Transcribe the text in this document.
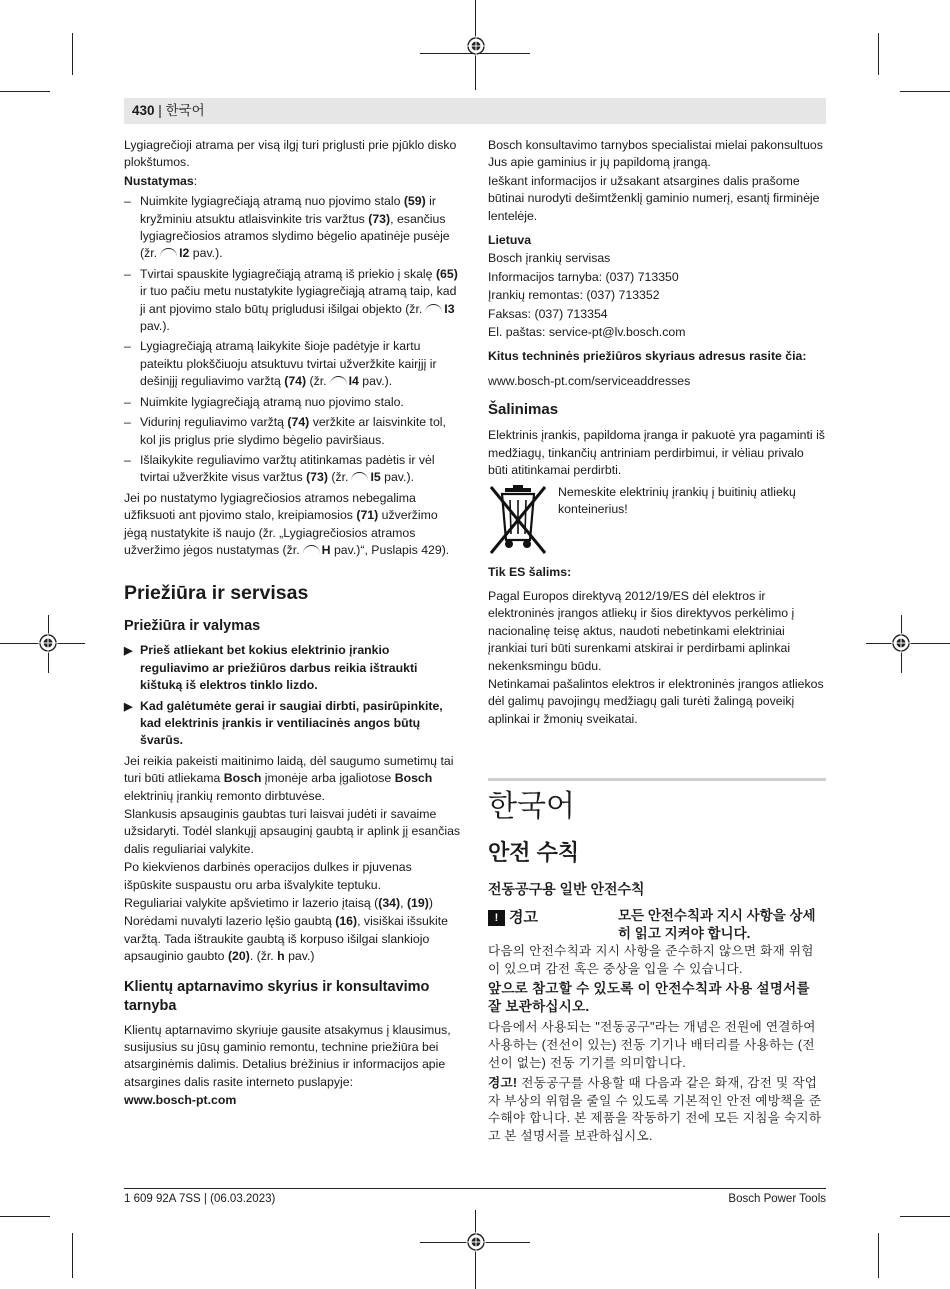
430 | 한국어

Lygiagrečioji atrama per visą ilgį turi priglusti prie pjūklo disko plokštumos.

Nustatymas:

– Nuimkite lygiagrečiąją atramą nuo pjovimo stalo (59) ir kryžminiu atsuktu atlaisvinkite tris varžtus (73), esančius lygiagrečiosios atramos slydimo bėgelio apatinėje pusėje (žr. I2 pav.).
– Tvirtai spauskite lygiagrečiąją atramą iš priekio į skalę (65) ir tuo pačiu metu nustatykite lygiagrečiąją atramą taip, kad ji ant pjovimo stalo būtų prigludusi išilgai objekto (žr. I3 pav.).
– Lygiagrečiąją atramą laikykite šioje padėtyje ir kartu pateiktu plokščiuoju atsuktuvu tvirtai užveržkite kairįjį ir dešinįjį reguliavimo varžtą (74) (žr. I4 pav.).
– Nuimkite lygiagrečiąją atramą nuo pjovimo stalo.
– Vidurinį reguliavimo varžtą (74) veržkite ar laisvinkite tol, kol jis priglus prie slydimo bėgelio paviršiaus.
– Išlaikykite reguliavimo varžtų atitinkamas padėtis ir vėl tvirtai užveržkite visus varžtus (73) (žr. I5 pav.).

Jei po nustatymo lygiagrečiosios atramos nebegalima užfiksuoti ant pjovimo stalo, kreipiamosios (71) užveržimo jėgą nustatykite iš naujo (žr. „Lygiagrečiosios atramos užveržimo jėgos nustatymas (žr. H pav.)“, Puslapis 429).

Priežiūra ir servisas
Priežiūra ir valymas
▶ Prieš atliekant bet kokius elektrinio įrankio reguliavimo ar priežiūros darbus reikia ištraukti kištuką iš elektros tinklo lizdo.
▶ Kad galėtumėte gerai ir saugiai dirbti, pasirūpinkite, kad elektrinis įrankis ir ventiliacinės angos būtų švarūs.

Jei reikia pakeisti maitinimo laidą, dėl saugumo sumetimų tai turi būti atliekama Bosch įmonėje arba įgaliotose Bosch elektrinių įrankių remonto dirbtuvėse.

Slankusis apsauginis gaubtas turi laisvai judėti ir savaime užsidaryti. Todėl slankųjį apsauginį gaubtą ir aplink jį esančias dalis reguliariai valykite.

Po kiekvienos darbinės operacijos dulkes ir pjuvenas išpūskite suspaustu oru arba išvalykite teptuku.

Reguliariai valykite apšvietimo ir lazerio įtaisą ((34), (19))

Norėdami nuvalyti lazerio lęšio gaubtą (16), visiškai išsukite varžtą. Tada ištraukite gaubtą iš korpuso išilgai slankiojo apsauginio gaubto (20). (žr. h pav.)

Klientų aptarnavimo skyrius ir konsultavimo tarnyba

Klientų aptarnavimo skyriuje gausite atsakymus į klausimus, susijusius su jūsų gaminio remontu, technine priežiūra bei atsarginėmis dalimis. Detalius brėžinius ir informacijos apie atsargines dalis rasite interneto puslapyje:

www.bosch-pt.com

Bosch konsultavimo tarnybos specialistai mielai pakonsultuos Jus apie gaminius ir jų papildomą įrangą.

Ieškant informacijos ir užsakant atsargines dalis prašome būtinai nurodyti dešimtženklį gaminio numerį, esantį firminėje lentelėje.

Lietuva

Bosch įrankių servisas

Informacijos tarnyba: (037) 713350

Įrankių remontas: (037) 713352

Faksas: (037) 713354

El. paštas: service-pt@lv.bosch.com

Kitus techninės priežiūros skyriaus adresus rasite čia:

www.bosch-pt.com/serviceaddresses

Šalinimas

Elektrinis įrankis, papildoma įranga ir pakuotė yra pagaminti iš medžiagų, tinkančių antriniam perdirbimui, ir vėliau privalo būti atitinkamai perdirbti.

Nemeskite elektrinių įrankių į buitinių atliekų konteinerius!

Tik ES šalims:

Pagal Europos direktyvą 2012/19/ES dėl elektros ir elektroninės įrangos atliekų ir šios direktyvos perkėlimo į nacionalinę teisę aktus, naudoti nebetinkami elektriniai įrankiai turi būti surenkami atskirai ir perdirbami aplinkai nekenksmingu būdu.

Netinkamai pašalintos elektros ir elektroninės įrangos atliekos dėl galimų pavojingų medžiagų gali turėti žalingą poveikį aplinkai ir žmonių sveikatai.

한국어
안전 수칙
전동공구용 일반 안전수칙
! 경고	모든 안전수칙과 지시 사항을 상세히 읽고 지켜야 합니다.

다음의 안전수칙과 지시 사항을 준수하지 않으면 화재 위험이 있으며 감전 혹은 중상을 입을 수 있습니다.

앞으로 참고할 수 있도록 이 안전수칙과 사용 설명서를 잘 보관하십시오.

다음에서 사용되는 "전동공구"라는 개념은 전원에 연결하여 사용하는 (전선이 있는) 전동 기기나 배터리를 사용하는 (전선이 없는) 전동 기기를 의미합니다.

경고! 전동공구를 사용할 때 다음과 같은 화재, 감전 및 작업자 부상의 위험을 줄일 수 있도록 기본적인 안전 예방책을 준수해야 합니다. 본 제품을 작동하기 전에 모든 지침을 숙지하고 본 설명서를 보관하십시오.

1 609 92A 7SS | (06.03.2023)	Bosch Power Tools
